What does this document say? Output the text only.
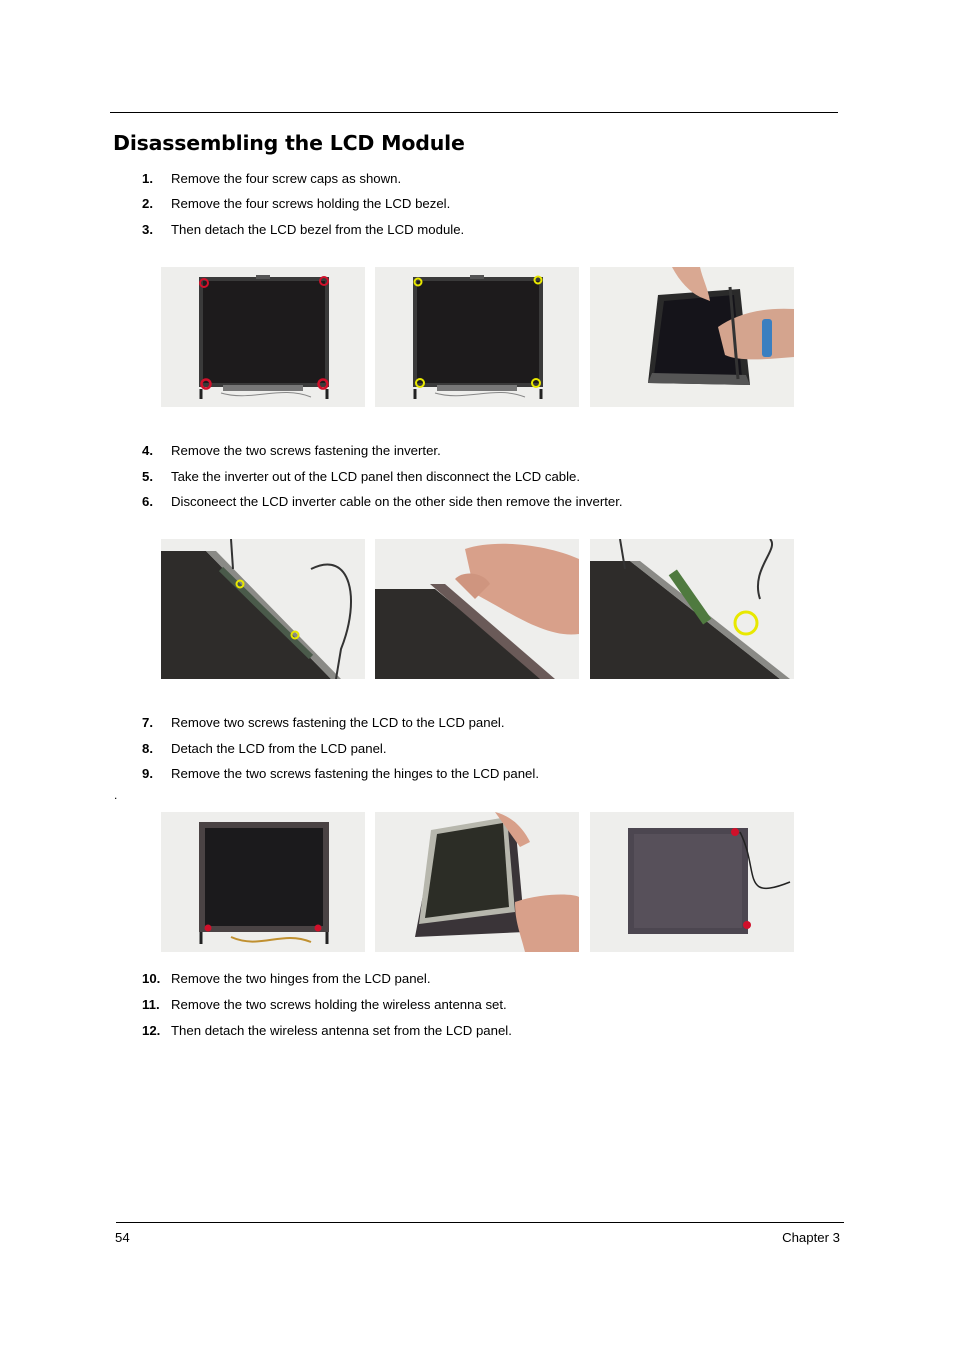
Disassembling the LCD Module
1. Remove the four screw caps as shown.
2. Remove the four screws holding the LCD bezel.
3. Then detach the LCD bezel from the LCD module.
4. Remove the two screws fastening the inverter.
5. Take the inverter out of the LCD panel then disconnect the LCD cable.
6. Disconeect the LCD inverter cable on the other side then remove the inverter.
7. Remove two screws fastening the LCD to the LCD panel.
8. Detach the LCD from the LCD panel.
9. Remove the two screws fastening the hinges to the LCD panel.
.
10. Remove the two hinges from the LCD panel.
11. Remove the two screws holding the wireless antenna set.
12. Then detach the wireless antenna set from the LCD panel.
54	Chapter 3
